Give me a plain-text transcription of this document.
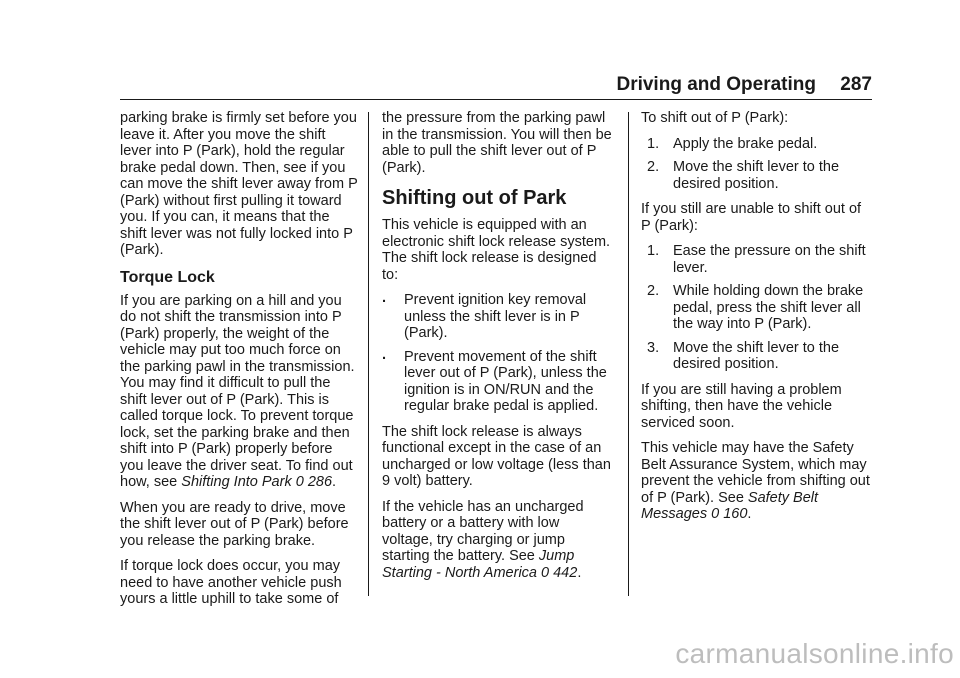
Driving and Operating 287

parking brake is firmly set before you leave it. After you move the shift lever into P (Park), hold the regular brake pedal down. Then, see if you can move the shift lever away from P (Park) without first pulling it toward you. If you can, it means that the shift lever was not fully locked into P (Park).

Torque Lock

If you are parking on a hill and you do not shift the transmission into P (Park) properly, the weight of the vehicle may put too much force on the parking pawl in the transmission. You may find it difficult to pull the shift lever out of P (Park). This is called torque lock. To prevent torque lock, set the parking brake and then shift into P (Park) properly before you leave the driver seat. To find out how, see Shifting Into Park 0 286.

When you are ready to drive, move the shift lever out of P (Park) before you release the parking brake.

If torque lock does occur, you may need to have another vehicle push yours a little uphill to take some of

the pressure from the parking pawl in the transmission. You will then be able to pull the shift lever out of P (Park).

Shifting out of Park

This vehicle is equipped with an electronic shift lock release system. The shift lock release is designed to:

. Prevent ignition key removal unless the shift lever is in P (Park).
. Prevent movement of the shift lever out of P (Park), unless the ignition is in ON/RUN and the regular brake pedal is applied.

The shift lock release is always functional except in the case of an uncharged or low voltage (less than 9 volt) battery.

If the vehicle has an uncharged battery or a battery with low voltage, try charging or jump starting the battery. See Jump Starting - North America 0 442.

To shift out of P (Park):

1. Apply the brake pedal.
2. Move the shift lever to the desired position.

If you still are unable to shift out of P (Park):

1. Ease the pressure on the shift lever.
2. While holding down the brake pedal, press the shift lever all the way into P (Park).
3. Move the shift lever to the desired position.

If you are still having a problem shifting, then have the vehicle serviced soon.

This vehicle may have the Safety Belt Assurance System, which may prevent the vehicle from shifting out of P (Park). See Safety Belt Messages 0 160.

carmanualsonline.info
